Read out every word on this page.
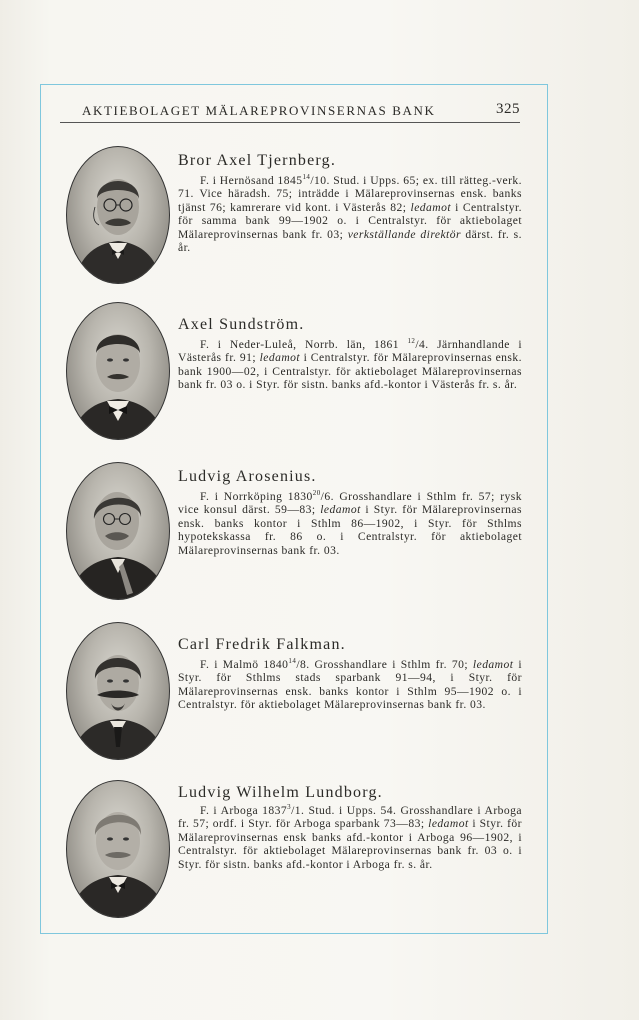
AKTIEBOLAGET MÄLAREPROVINSERNAS BANK	325
Bror Axel Tjernberg.
F. i Hernösand 1845$^{14}$/10. Stud. i Upps. 65; ex. till rätteg.-verk. 71. Vice häradsh. 75; inträdde i Mälareprovinsernas ensk. banks tjänst 76; kamrerare vid kont. i Västerås 82; ledamot i Centralstyr. för samma bank 99—1902 o. i Centralstyr. för aktiebolaget Mälareprovinsernas bank fr. 03; verkställande direktör därst. fr. s. år.
Axel Sundström.
F. i Neder-Luleå, Norrb. län, 1861 $^{12}$/4. Järnhandlande i Västerås fr. 91; ledamot i Centralstyr. för Mälareprovinsernas ensk. bank 1900—02, i Centralstyr. för aktiebolaget Mälareprovinsernas bank fr. 03 o. i Styr. för sistn. banks afd.-kontor i Västerås fr. s. år.
Ludvig Arosenius.
F. i Norrköping 1830$^{20}$/6. Grosshandlare i Sthlm fr. 57; rysk vice konsul därst. 59—83; ledamot i Styr. för Mälareprovinsernas ensk. banks kontor i Sthlm 86—1902, i Styr. för Sthlms hypotekskassa fr. 86 o. i Centralstyr. för aktiebolaget Mälareprovinsernas bank fr. 03.
Carl Fredrik Falkman.
F. i Malmö 1840$^{14}$/8. Grosshandlare i Sthlm fr. 70; ledamot i Styr. för Sthlms stads sparbank 91—94, i Styr. för Mälareprovinsernas ensk. banks kontor i Sthlm 95—1902 o. i Centralstyr. för aktiebolaget Mälareprovinsernas bank fr. 03.
Ludvig Wilhelm Lundborg.
F. i Arboga 1837$^3$/1. Stud. i Upps. 54. Grosshandlare i Arboga fr. 57; ordf. i Styr. för Arboga sparbank 73—83; ledamot i Styr. för Mälareprovinsernas ensk banks afd.-kontor i Arboga 96—1902, i Centralstyr. för aktiebolaget Mälareprovinsernas bank fr. 03 o. i Styr. för sistn. banks afd.-kontor i Arboga fr. s. år.
